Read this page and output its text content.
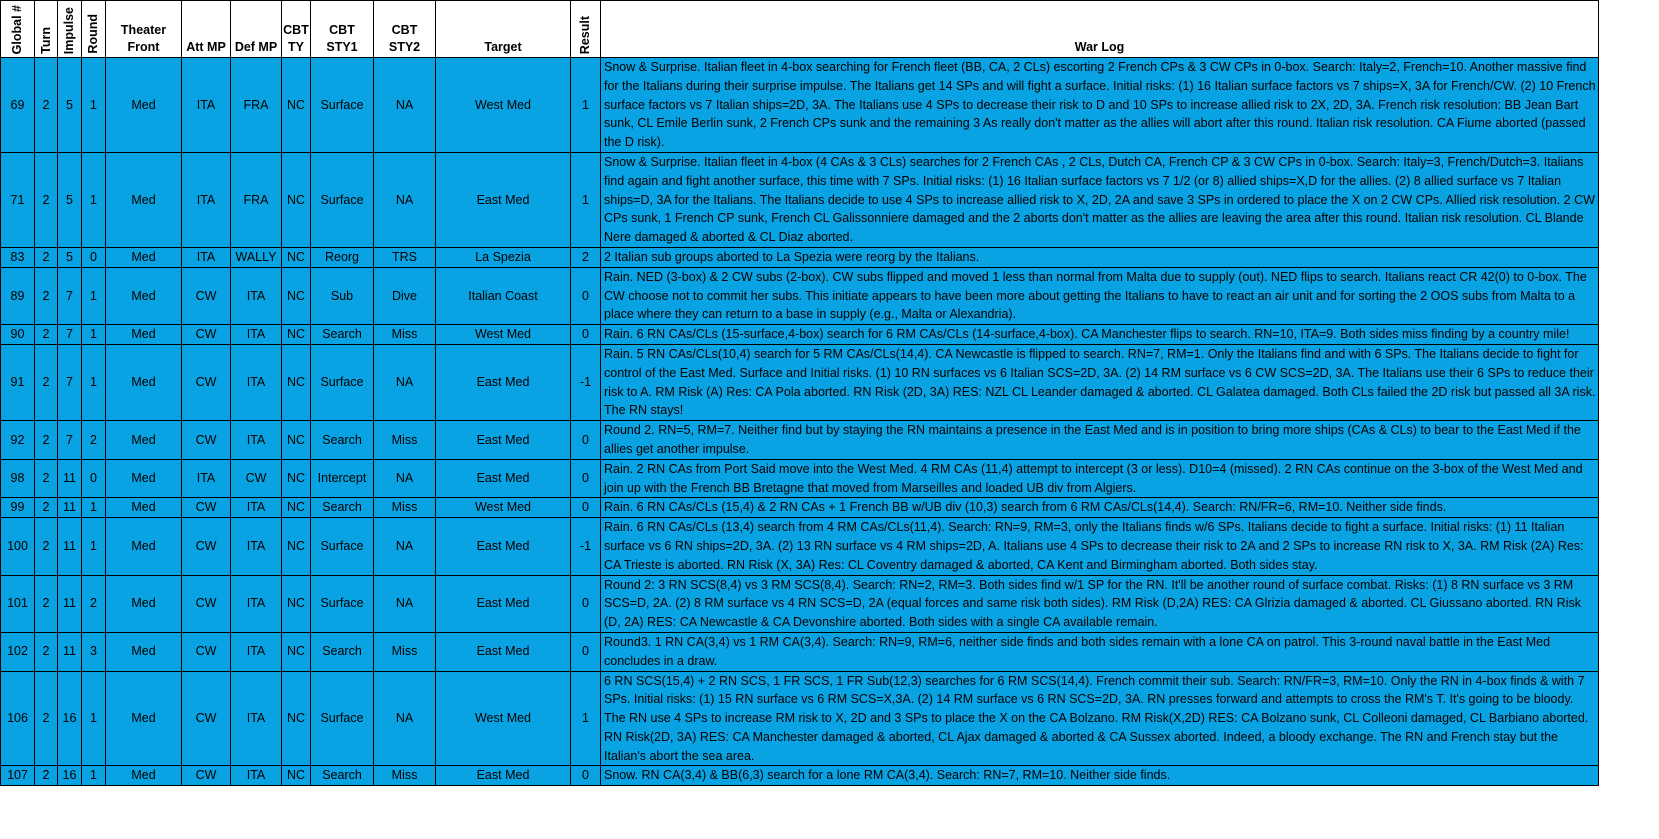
Global #	Turn	Impulse	Round	Theater Front	Att MP	Def MP	CBT TY	CBT STY1	CBT STY2	Target	Result	War Log
69	2	5	1	Med	ITA	FRA	NC	Surface	NA	West Med	1	Snow & Surprise. Italian fleet in 4-box searching for French fleet (BB, CA, 2 CLs) escorting 2 French CPs & 3 CW CPs in 0-box. Search: Italy=2, French=10. Another massive find for the Italians during their surprise impulse. The Italians get 14 SPs and will fight a surface. Initial risks: (1) 16 Italian surface factors vs 7 ships=X, 3A for French/CW. (2) 10 French surface factors vs 7 Italian ships=2D, 3A. The Italians use 4 SPs to decrease their risk to D and 10 SPs to increase allied risk to 2X, 2D, 3A. French risk resolution: BB Jean Bart sunk, CL Emile Berlin sunk, 2 French CPs sunk and the remaining 3 As really don't matter as the allies will abort after this round. Italian risk resolution. CA Fiume aborted (passed the D risk).
71	2	5	1	Med	ITA	FRA	NC	Surface	NA	East Med	1	Snow & Surprise. Italian fleet in 4-box (4 CAs & 3 CLs) searches for 2 French CAs , 2 CLs, Dutch CA, French CP & 3 CW CPs in 0-box. Search: Italy=3, French/Dutch=3. Italians find again and fight another surface, this time with 7 SPs. Initial risks: (1) 16 Italian surface factors vs 7 1/2 (or 8) allied ships=X,D for the allies. (2) 8 allied surface vs 7 Italian ships=D, 3A for the Italians. The Italians decide to use 4 SPs to increase allied risk to X, 2D, 2A and save 3 SPs in ordered to place the X on 2 CW CPs. Allied risk resolution. 2 CW CPs sunk, 1 French CP sunk, French CL Galissonniere damaged and the 2 aborts don't matter as the allies are leaving the area after this round. Italian risk resolution. CL Blande Nere damaged & aborted & CL Diaz aborted.
83	2	5	0	Med	ITA	WALLY	NC	Reorg	TRS	La Spezia	2	2 Italian sub groups aborted to La Spezia were reorg by the Italians.
89	2	7	1	Med	CW	ITA	NC	Sub	Dive	Italian Coast	0	Rain. NED (3-box) & 2 CW subs (2-box). CW subs flipped and moved 1 less than normal from Malta due to supply (out). NED flips to search. Italians react CR 42(0) to 0-box. The CW choose not to commit her subs. This initiate appears to have been more about getting the Italians to have to react an air unit and for sorting the 2 OOS subs from Malta to a place where they can return to a base in supply (e.g., Malta or Alexandria).
90	2	7	1	Med	CW	ITA	NC	Search	Miss	West Med	0	Rain. 6 RN CAs/CLs (15-surface,4-box) search for 6 RM CAs/CLs (14-surface,4-box). CA Manchester flips to search. RN=10, ITA=9. Both sides miss finding by a country mile!
91	2	7	1	Med	CW	ITA	NC	Surface	NA	East Med	-1	Rain. 5 RN CAs/CLs(10,4) search for 5 RM CAs/CLs(14,4). CA Newcastle is flipped to search. RN=7, RM=1. Only the Italians find and with 6 SPs. The Italians decide to fight for control of the East Med. Surface and Initial risks. (1) 10 RN surfaces vs 6 Italian SCS=2D, 3A. (2) 14 RM surface vs 6 CW SCS=2D, 3A. The Italians use their 6 SPs to reduce their risk to A. RM Risk (A) Res: CA Pola aborted. RN Risk (2D, 3A) RES: NZL CL Leander damaged & aborted. CL Galatea damaged. Both CLs failed the 2D risk but passed all 3A risk. The RN stays!
92	2	7	2	Med	CW	ITA	NC	Search	Miss	East Med	0	Round 2. RN=5, RM=7. Neither find but by staying the RN maintains a presence in the East Med and is in position to bring more ships (CAs & CLs) to bear to the East Med if the allies get another impulse.
98	2	11	0	Med	ITA	CW	NC	Intercept	NA	East Med	0	Rain. 2 RN CAs from Port Said move into the West Med. 4 RM CAs (11,4) attempt to intercept (3 or less). D10=4 (missed). 2 RN CAs continue on the 3-box of the West Med and join up with the French BB Bretagne that moved from Marseilles and loaded UB div from Algiers.
99	2	11	1	Med	CW	ITA	NC	Search	Miss	West Med	0	Rain. 6 RN CAs/CLs (15,4) & 2 RN CAs + 1 French BB w/UB div (10,3) search from 6 RM CAs/CLs(14,4). Search: RN/FR=6, RM=10. Neither side finds.
100	2	11	1	Med	CW	ITA	NC	Surface	NA	East Med	-1	Rain. 6 RN CAs/CLs (13,4) search from 4 RM CAs/CLs(11,4). Search: RN=9, RM=3, only the Italians finds w/6 SPs. Italians decide to fight a surface. Initial risks: (1) 11 Italian surface vs 6 RN ships=2D, 3A. (2) 13 RN surface vs 4 RM ships=2D, A. Italians use 4 SPs to decrease their risk to 2A and 2 SPs to increase RN risk to X, 3A. RM Risk (2A) Res: CA Trieste is aborted. RN Risk (X, 3A) Res: CL Coventry damaged & aborted, CA Kent and Birmingham aborted. Both sides stay.
101	2	11	2	Med	CW	ITA	NC	Surface	NA	East Med	0	Round 2: 3 RN SCS(8,4) vs 3 RM SCS(8,4). Search: RN=2, RM=3. Both sides find w/1 SP for the RN. It'll be another round of surface combat. Risks: (1) 8 RN surface vs 3 RM SCS=D, 2A. (2) 8 RM surface vs 4 RN SCS=D, 2A (equal forces and same risk both sides). RM Risk (D,2A) RES: CA Glrizia damaged & aborted. CL Giussano aborted. RN Risk (D, 2A) RES: CA Newcastle & CA Devonshire aborted. Both sides with a single CA available remain.
102	2	11	3	Med	CW	ITA	NC	Search	Miss	East Med	0	Round3. 1 RN CA(3,4) vs 1 RM CA(3,4). Search: RN=9, RM=6, neither side finds and both sides remain with a lone CA on patrol. This 3-round naval battle in the East Med concludes in a draw.
106	2	16	1	Med	CW	ITA	NC	Surface	NA	West Med	1	6 RN SCS(15,4) + 2 RN SCS, 1 FR SCS, 1 FR Sub(12,3) searches for 6 RM SCS(14,4). French commit their sub. Search: RN/FR=3, RM=10. Only the RN in 4-box finds & with 7 SPs. Initial risks: (1) 15 RN surface vs 6 RM SCS=X,3A. (2) 14 RM surface vs 6 RN SCS=2D, 3A. RN presses forward and attempts to cross the RM's T. It's going to be bloody. The RN use 4 SPs to increase RM risk to X, 2D and 3 SPs to place the X on the CA Bolzano. RM Risk(X,2D) RES: CA Bolzano sunk, CL Colleoni damaged, CL Barbiano aborted. RN Risk(2D, 3A) RES: CA Manchester damaged & aborted, CL Ajax damaged & aborted & CA Sussex aborted. Indeed, a bloody exchange. The RN and French stay but the Italian's abort the sea area.
107	2	16	1	Med	CW	ITA	NC	Search	Miss	East Med	0	Snow. RN CA(3,4) & BB(6,3) search for a lone RM CA(3,4). Search: RN=7, RM=10. Neither side finds.
